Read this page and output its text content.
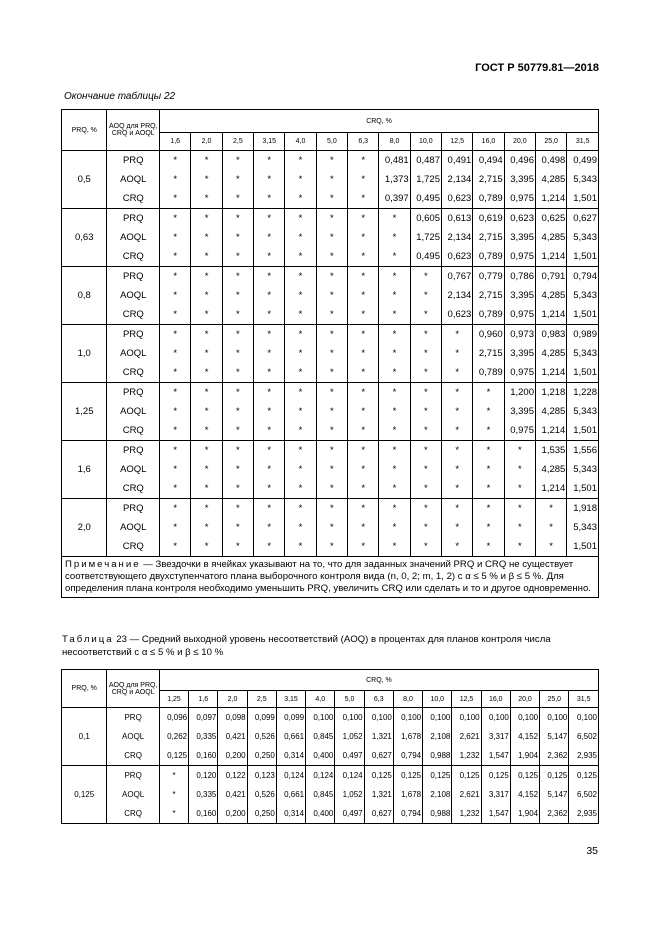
ГОСТ Р 50779.81—2018
Окончание таблицы 22
PRQ, %	AOQ для PRQ, CRQ и AOQL	CRQ, %													
		1,6	2,0	2,5	3,15	4,0	5,0	6,3	8,0	10,0	12,5	16,0	20,0	25,0	31,5
0,5	PRQ	*	*	*	*	*	*	*	0,481	0,487	0,491	0,494	0,496	0,498	0,499
	AOQL	*	*	*	*	*	*	*	1,373	1,725	2,134	2,715	3,395	4,285	5,343
	CRQ	*	*	*	*	*	*	*	0,397	0,495	0,623	0,789	0,975	1,214	1,501
0,63	PRQ	*	*	*	*	*	*	*	*	0,605	0,613	0,619	0,623	0,625	0,627
	AOQL	*	*	*	*	*	*	*	*	1,725	2,134	2,715	3,395	4,285	5,343
	CRQ	*	*	*	*	*	*	*	*	0,495	0,623	0,789	0,975	1,214	1,501
0,8	PRQ	*	*	*	*	*	*	*	*	*	0,767	0,779	0,786	0,791	0,794
	AOQL	*	*	*	*	*	*	*	*	*	2,134	2,715	3,395	4,285	5,343
	CRQ	*	*	*	*	*	*	*	*	*	0,623	0,789	0,975	1,214	1,501
1,0	PRQ	*	*	*	*	*	*	*	*	*	*	0,960	0,973	0,983	0,989
	AOQL	*	*	*	*	*	*	*	*	*	*	2,715	3,395	4,285	5,343
	CRQ	*	*	*	*	*	*	*	*	*	*	0,789	0,975	1,214	1,501
1,25	PRQ	*	*	*	*	*	*	*	*	*	*	*	1,200	1,218	1,228
	AOQL	*	*	*	*	*	*	*	*	*	*	*	3,395	4,285	5,343
	CRQ	*	*	*	*	*	*	*	*	*	*	*	0,975	1,214	1,501
1,6	PRQ	*	*	*	*	*	*	*	*	*	*	*	*	1,535	1,556
	AOQL	*	*	*	*	*	*	*	*	*	*	*	*	4,285	5,343
	CRQ	*	*	*	*	*	*	*	*	*	*	*	*	1,214	1,501
2,0	PRQ	*	*	*	*	*	*	*	*	*	*	*	*	*	1,918
	AOQL	*	*	*	*	*	*	*	*	*	*	*	*	*	5,343
	CRQ	*	*	*	*	*	*	*	*	*	*	*	*	*	1,501
Примечание — Звездочки в ячейках указывают на то, что для заданных значений PRQ и CRQ не существует соответствующего двухступенчатого плана выборочного контроля вида (n, 0, 2; m, 1, 2) с α ≤ 5 % и β ≤ 5 %. Для определения плана контроля необходимо уменьшить PRQ, увеличить CRQ или сделать и то и другое одновременно.															
Таблица 23 — Средний выходной уровень несоответствий (AOQ) в процентах для планов контроля числа несоответствий с α ≤ 5 % и β ≤ 10 %
PRQ, %	AOQ для PRQ, CRQ и AOQL	CRQ, %														
		1,25	1,6	2,0	2,5	3,15	4,0	5,0	6,3	8,0	10,0	12,5	16,0	20,0	25,0	31,5
0,1	PRQ	0,096	0,097	0,098	0,099	0,099	0,100	0,100	0,100	0,100	0,100	0,100	0,100	0,100	0,100	0,100
	AOQL	0,262	0,335	0,421	0,526	0,661	0,845	1,052	1,321	1,678	2,108	2,621	3,317	4,152	5,147	6,502
	CRQ	0,125	0,160	0,200	0,250	0,314	0,400	0,497	0,627	0,794	0,988	1,232	1,547	1,904	2,362	2,935
0,125	PRQ	*	0,120	0,122	0,123	0,124	0,124	0,124	0,125	0,125	0,125	0,125	0,125	0,125	0,125	0,125
	AOQL	*	0,335	0,421	0,526	0,661	0,845	1,052	1,321	1,678	2,108	2,621	3,317	4,152	5,147	6,502
	CRQ	*	0,160	0,200	0,250	0,314	0,400	0,497	0,627	0,794	0,988	1,232	1,547	1,904	2,362	2,935
35
